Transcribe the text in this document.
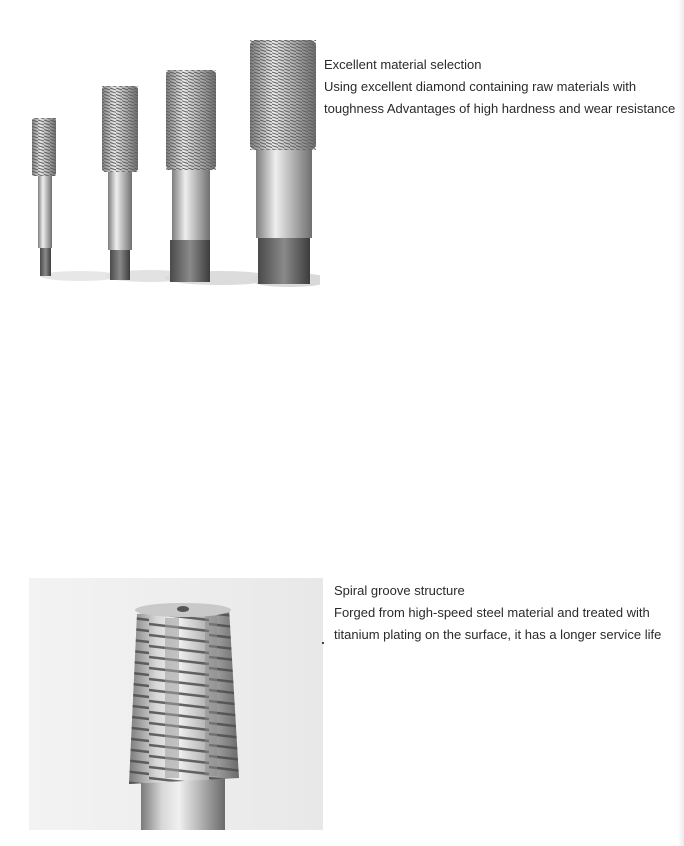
Excellent material selection
Using excellent diamond containing raw materials with
toughness Advantages of high hardness and wear resistance
Spiral groove structure
Forged from high-speed steel material and treated with
titanium plating on the surface, it has a longer service life
